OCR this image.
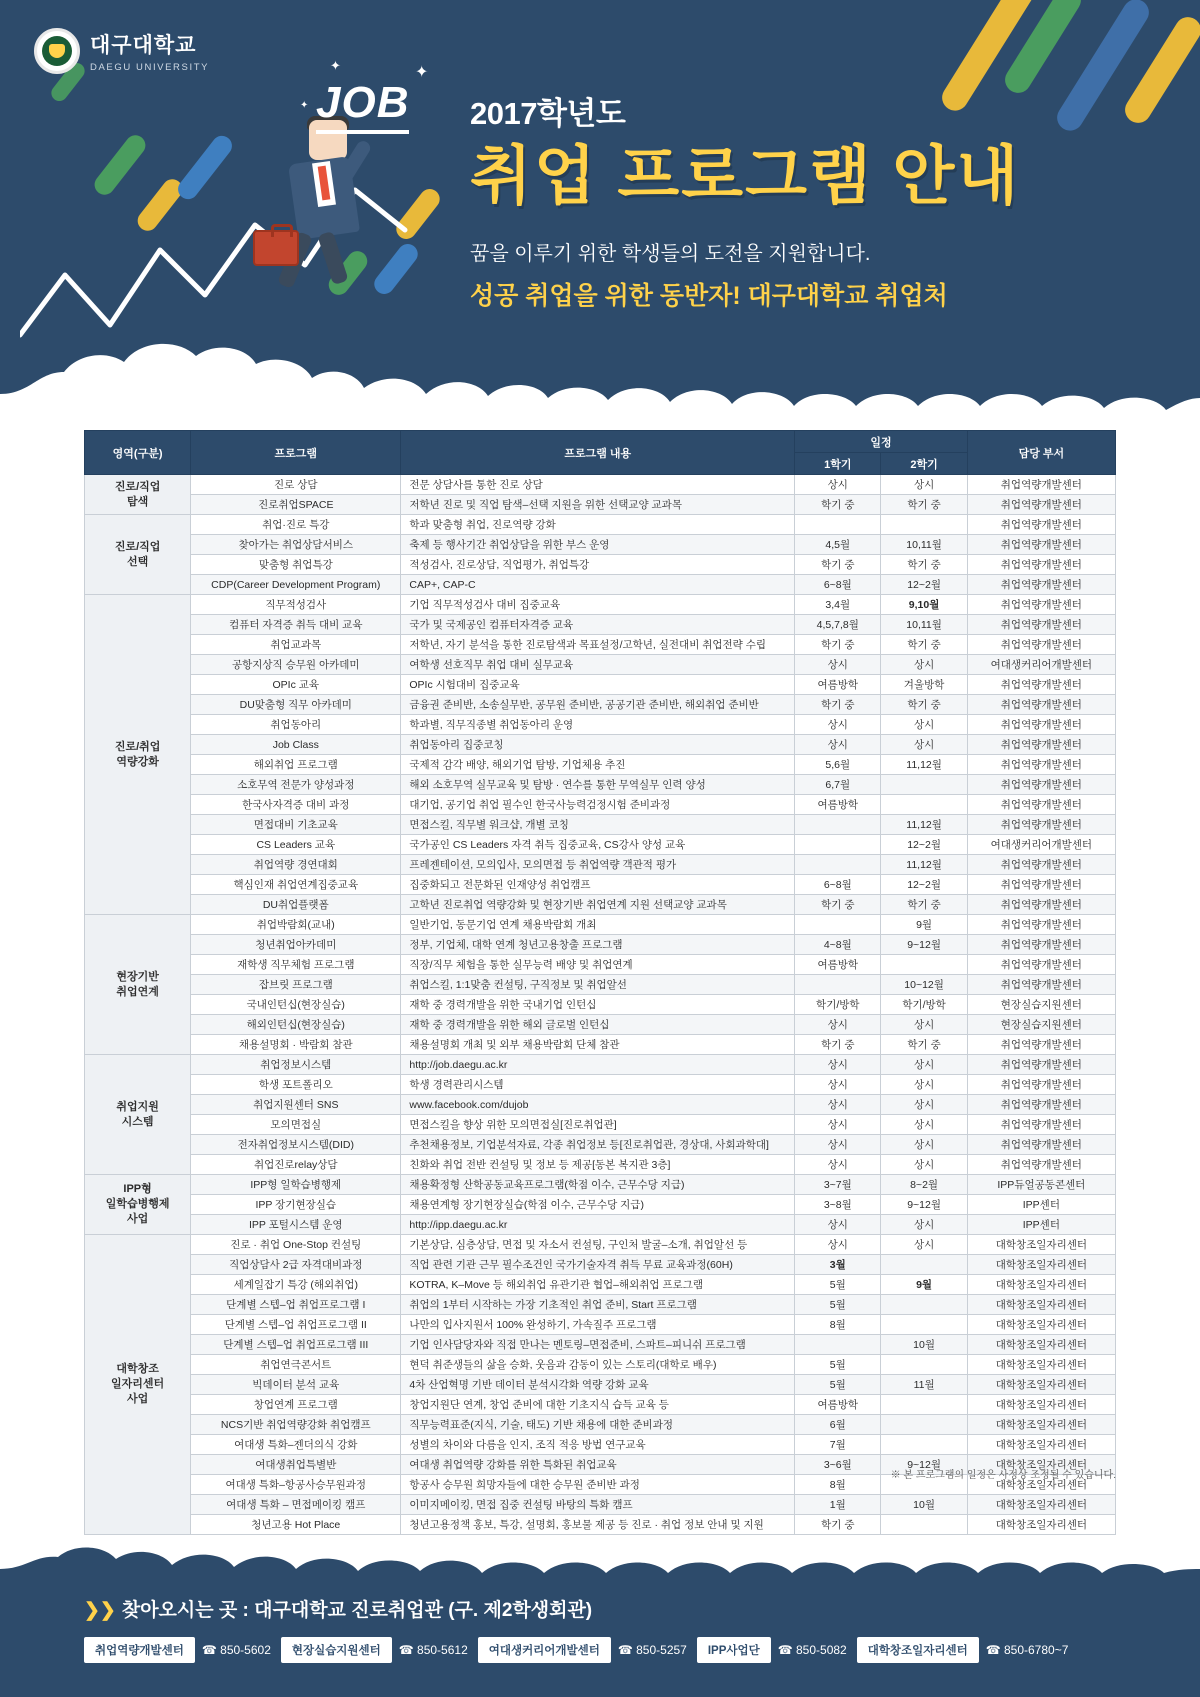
대구대학교
DAEGU UNIVERSITY	✦	✦
✦ JOB 2017학년도
취업 프로그램 안내
꿈을 이루기 위한 학생들의 도전을 지원합니다.
성공 취업을 위한 동반자! 대구대학교 취업처
영역(구분)	프로그램	프로그램 내용	일정		담당 부서
			1학기	2학기	
진로/직업
탐색	진로 상담	전문 상담사를 통한 진로 상담	상시	상시	취업역량개발센터
	진로취업SPACE	저학년 진로 및 직업 탐색–선택 지원을 위한 선택교양 교과목	학기 중	학기 중	취업역량개발센터
진로/직업
선택	취업·진로 특강	학과 맞춤형 취업, 진로역량 강화			취업역량개발센터
	찾아가는 취업상담서비스	축제 등 행사기간 취업상담을 위한 부스 운영	4,5월	10,11월	취업역량개발센터
	맞춤형 취업특강	적성검사, 진로상담, 직업평가, 취업특강	학기 중	학기 중	취업역량개발센터
	CDP(Career Development Program)	CAP+, CAP-C	6~8월	12~2월	취업역량개발센터
진로/취업
역량강화	직무적성검사	기업 직무적성검사 대비 집중교육	3,4월	9,10월	취업역량개발센터
	컴퓨터 자격증 취득 대비 교육	국가 및 국제공인 컴퓨터자격증 교육	4,5,7,8월	10,11월	취업역량개발센터
	취업교과목	저학년, 자기 분석을 통한 진로탐색과 목표설정/고학년, 실전대비 취업전략 수립	학기 중	학기 중	취업역량개발센터
	공항지상직 승무원 아카데미	여학생 선호직무 취업 대비 실무교육	상시	상시	여대생커리어개발센터
	OPIc 교육	OPIc 시험대비 집중교육	여름방학	겨울방학	취업역량개발센터
	DU맞춤형 직무 아카데미	금융권 준비반, 소송실무반, 공무원 준비반, 공공기관 준비반, 해외취업 준비반	학기 중	학기 중	취업역량개발센터
	취업동아리	학과별, 직무직종별 취업동아리 운영	상시	상시	취업역량개발센터
	Job Class	취업동아리 집중코칭	상시	상시	취업역량개발센터
	해외취업 프로그램	국제적 감각 배양, 해외기업 탐방, 기업체용 추진	5,6월	11,12월	취업역량개발센터
	소호무역 전문가 양성과정	해외 소호무역 실무교육 및 탐방 · 연수를 통한 무역실무 인력 양성	6,7월		취업역량개발센터
	한국사자격증 대비 과정	대기업, 공기업 취업 필수인 한국사능력검정시험 준비과정	여름방학		취업역량개발센터
	면접대비 기초교육	면접스킬, 직무별 워크샵, 개별 코칭		11,12월	취업역량개발센터
	CS Leaders 교육	국가공인 CS Leaders 자격 취득 집중교육, CS강사 양성 교육		12~2월	여대생커리어개발센터
	취업역량 경연대회	프레젠테이션, 모의입사, 모의면접 등 취업역량 객관적 평가		11,12월	취업역량개발센터
	핵심인재 취업연계집중교육	집중화되고 전문화된 인재양성 취업캠프	6~8월	12~2월	취업역량개발센터
	DU취업플랫폼	고학년 진로취업 역량강화 및 현장기반 취업연계 지원 선택교양 교과목	학기 중	학기 중	취업역량개발센터
현장기반
취업연계	취업박람회(교내)	일반기업, 동문기업 연계 채용박람회 개최		9월	취업역량개발센터
	청년취업아카데미	정부, 기업체, 대학 연계 청년고용창출 프로그램	4~8월	9~12월	취업역량개발센터
	재학생 직무체험 프로그램	직장/직무 체험을 통한 실무능력 배양 및 취업연계	여름방학		취업역량개발센터
	잡브릿 프로그램	취업스킬, 1:1맞춤 컨설팅, 구직정보 및 취업알선		10~12월	취업역량개발센터
	국내인턴십(현장실습)	재학 중 경력개발을 위한 국내기업 인턴십	학기/방학	학기/방학	현장실습지원센터
	해외인턴십(현장실습)	재학 중 경력개발을 위한 해외 글로벌 인턴십	상시	상시	현장실습지원센터
	채용설명회 · 박람회 참관	채용설명회 개최 및 외부 채용박람회 단체 참관	학기 중	학기 중	취업역량개발센터
취업지원
시스템	취업정보시스템	http://job.daegu.ac.kr	상시	상시	취업역량개발센터
	학생 포트폴리오	학생 경력관리시스템	상시	상시	취업역량개발센터
	취업지원센터 SNS	www.facebook.com/dujob	상시	상시	취업역량개발센터
	모의면접실	면접스킬을 향상 위한 모의면접실[진로취업관]	상시	상시	취업역량개발센터
	전자취업정보시스템(DID)	추천채용정보, 기업분석자료, 각종 취업정보 등[진로취업관, 경상대, 사회과학대]	상시	상시	취업역량개발센터
	취업진로relay상담	친화와 취업 전반 컨설팅 및 정보 등 제공[동본 복지관 3층]	상시	상시	취업역량개발센터
IPP형
일학습병행제
사업	IPP형 일학습병행제	채용확정형 산학공동교육프로그램(학점 이수, 근무수당 지급)	3~7월	8~2월	IPP듀얼공동콘센터
	IPP 장기현장실습	채용연계형 장기현장실습(학점 이수, 근무수당 지급)	3~8월	9~12월	IPP센터
	IPP 포털시스템 운영	http://ipp.daegu.ac.kr	상시	상시	IPP센터
대학창조
일자리센터
사업	진로 · 취업 One-Stop 컨설팅	기본상담, 심층상담, 면접 및 자소서 컨설팅, 구인처 발굴–소개, 취업알선 등	상시	상시	대학창조일자리센터
	직업상담사 2급 자격대비과정	직업 관련 기관 근무 필수조건인 국가기술자격 취득 무료 교육과정(60H)	3월		대학창조일자리센터
	세계일잡기 특강 (해외취업)	KOTRA, K–Move 등 해외취업 유관기관 협업–해외취업 프로그램	5월	9월	대학창조일자리센터
	단계별 스텝–업 취업프로그램 I	취업의 1부터 시작하는 가장 기초적인 취업 준비, Start 프로그램	5월		대학창조일자리센터
	단계별 스텝–업 취업프로그램 II	나만의 입사지원서 100% 완성하기, 가속질주 프로그램	8월		대학창조일자리센터
	단계별 스텝–업 취업프로그램 III	기업 인사담당자와 직접 만나는 멘토링–면접준비, 스파트–피니쉬 프로그램		10월	대학창조일자리센터
	취업연극콘서트	현덕 취준생들의 삶을 승화, 웃음과 감동이 있는 스토리(대학로 배우)	5월		대학창조일자리센터
	빅데이터 분석 교육	4차 산업혁명 기반 데이터 분석시각화 역량 강화 교육	5월	11월	대학창조일자리센터
	창업연계 프로그램	창업지원단 연계, 창업 준비에 대한 기초지식 습득 교육 등	여름방학		대학창조일자리센터
	NCS기반 취업역량강화 취업캠프	직무능력표준(지식, 기술, 태도) 기반 채용에 대한 준비과정	6월		대학창조일자리센터
	여대생 특화–젠더의식 강화	성별의 차이와 다름을 인지, 조직 적응 방법 연구교육	7월		대학창조일자리센터
	여대생취업특별반	여대생 취업역량 강화를 위한 특화된 취업교육	3~6월	9~12월	대학창조일자리센터
	여대생 특화–항공사승무원과정	항공사 승무원 희망자들에 대한 승무원 준비반 과정	8월		대학창조일자리센터
	여대생 특화 – 면접메이킹 캠프	이미지메이킹, 면접 집중 컨설팅 바탕의 특화 캠프	1월	10월	대학창조일자리센터
	청년고용 Hot Place	청년고용정책 홍보, 특강, 설명회, 홍보물 제공 등 진로 · 취업 정보 안내 및 지원	학기 중		대학창조일자리센터
※ 본 프로그램의 일정은 사정상 조정될 수 있습니다.
❯❯ 찾아오시는 곳 : 대구대학교 진로취업관 (구. 제2학생회관)
취업역량개발센터	☎ 850-5602	현장실습지원센터	☎ 850-5612	여대생커리어개발센터	☎ 850-5257	IPP사업단	☎ 850-5082	대학창조일자리센터	☎ 850-6780~7
